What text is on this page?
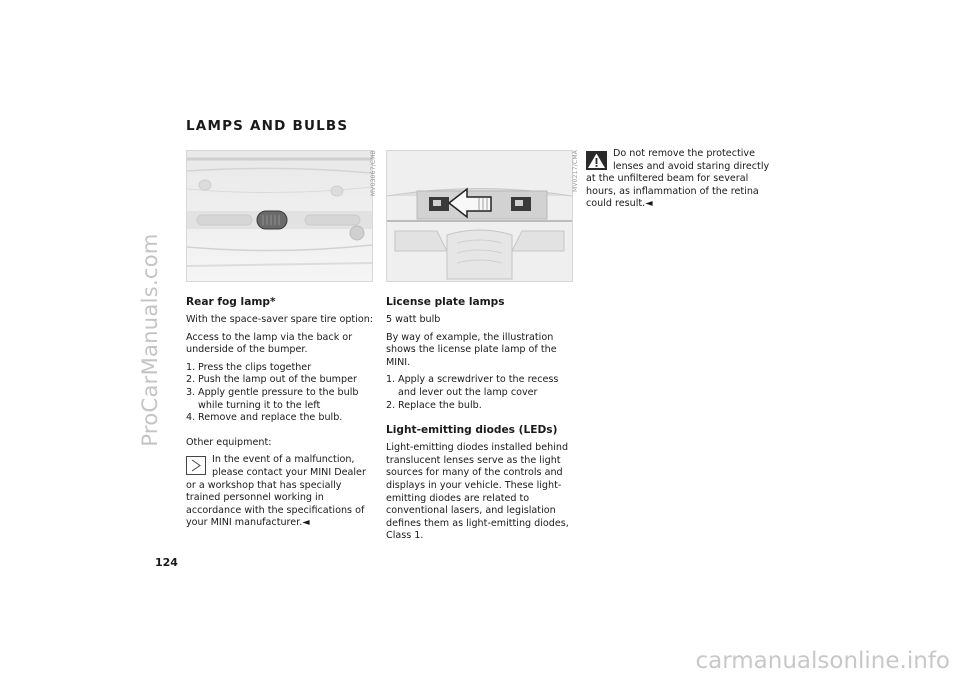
ProCarManuals.com
carmanualsonline.info
LAMPS AND BULBS
MV03067/CMB	MV0217/CMA
Rear fog lamp*

With the space-saver spare tire option:

Access to the lamp via the back or underside of the bumper.

1. Press the clips together
2. Push the lamp out of the bumper
3. Apply gentle pressure to the bulb while turning it to the left
4. Remove and replace the bulb.

Other equipment:

In the event of a malfunction, please contact your MINI Dealer or a workshop that has specially trained personnel working in accordance with the specifications of your MINI manufacturer.◄
License plate lamps

5 watt bulb

By way of example, the illustration shows the license plate lamp of the MINI.

1. Apply a screwdriver to the recess and lever out the lamp cover
2. Replace the bulb.
Light-emitting diodes (LEDs)

Light-emitting diodes installed behind translucent lenses serve as the light sources for many of the controls and displays in your vehicle. These light-emitting diodes are related to conventional lasers, and legislation defines them as light-emitting diodes, Class 1.

Do not remove the protective lenses and avoid staring directly at the unfiltered beam for several hours, as inflammation of the retina could result.◄
124
